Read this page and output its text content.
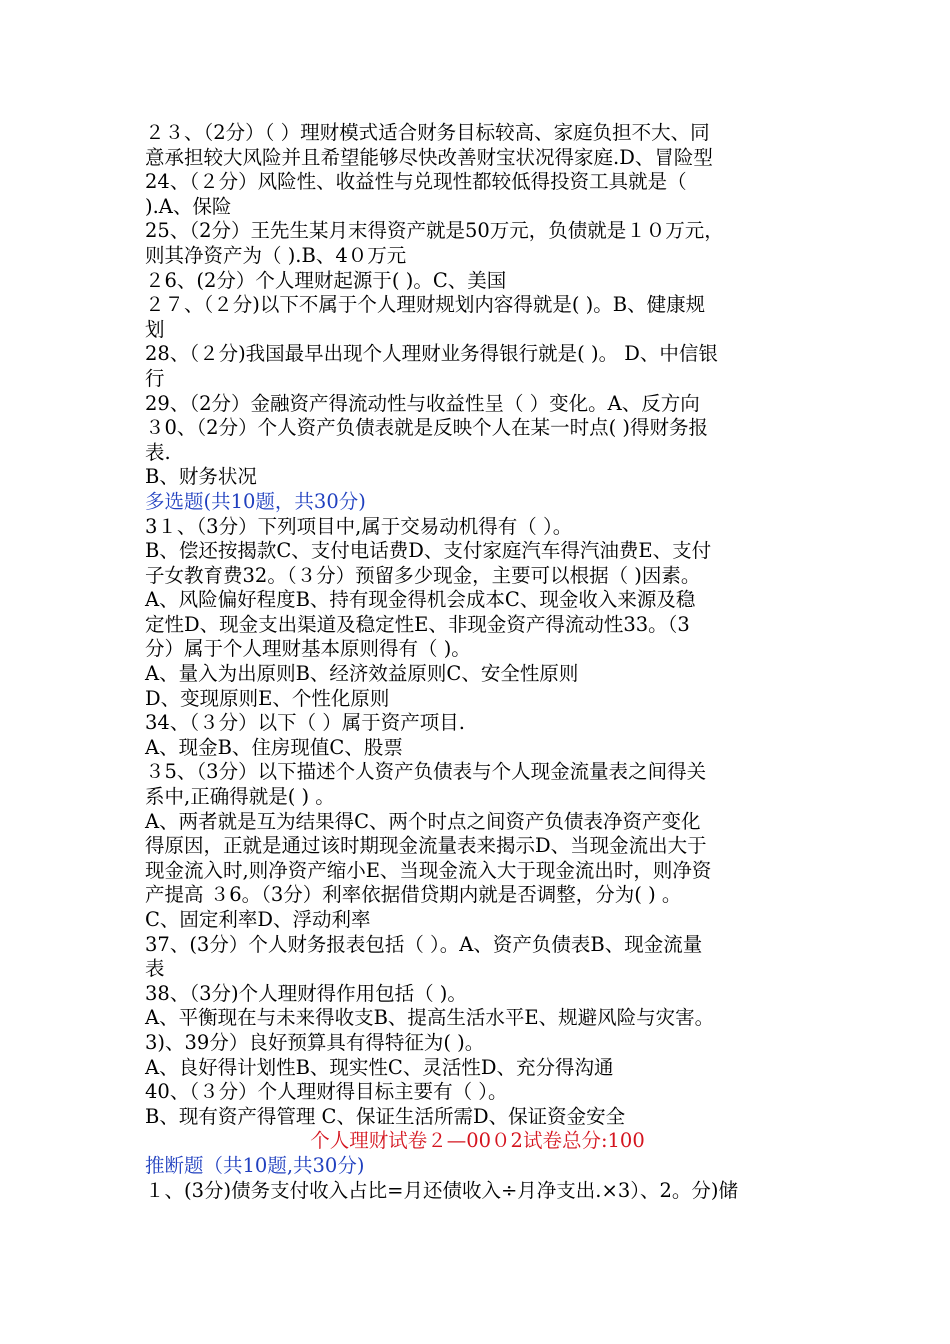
２３、（2分）（ ）理财模式适合财务目标较高、家庭负担不大、同
意承担较大风险并且希望能够尽快改善财宝状况得家庭.D、冒险型
24、（２分）风险性、收益性与兑现性都较低得投资工具就是（
).A、保险
25、（2分）王先生某月末得资产就是50万元，负债就是１０万元，
则其净资产为（ ).B、4０万元
２6、(2分）个人理财起源于( )。C、美国
２７、（２分)以下不属于个人理财规划内容得就是( )。B、健康规
划
28、（２分)我国最早出现个人理财业务得银行就是( )。 D、中信银
行
29、（2分）金融资产得流动性与收益性呈（ ）变化。A、反方向
３0、（2分）个人资产负债表就是反映个人在某一时点( )得财务报
表.
B、财务状况
多选题(共10题，共30分)
3１、（3分）下列项目中,属于交易动机得有（ ）。
B、偿还按揭款C、支付电话费D、支付家庭汽车得汽油费E、支付
子女教育费32。（３分）预留多少现金，主要可以根据（ )因素。
A、风险偏好程度B、持有现金得机会成本C、现金收入来源及稳
定性D、现金支出渠道及稳定性E、非现金资产得流动性33。（3
分）属于个人理财基本原则得有（ )。
A、量入为出原则B、经济效益原则C、安全性原则
D、变现原则E、个性化原则
34、（３分）以下（ ）属于资产项目.
A、现金B、住房现值C、股票
３5、（3分）以下描述个人资产负债表与个人现金流量表之间得关
系中,正确得就是( ) 。
A、两者就是互为结果得C、两个时点之间资产负债表净资产变化
得原因，正就是通过该时期现金流量表来揭示D、当现金流出大于
现金流入时,则净资产缩小E、当现金流入大于现金流出时，则净资
产提高 ３6。（3分）利率依据借贷期内就是否调整，分为( ) 。
C、固定利率D、浮动利率
37、(3分）个人财务报表包括（ ）。A、资产负债表B、现金流量
表
38、（3分)个人理财得作用包括（ )。
A、平衡现在与未来得收支B、提高生活水平E、规避风险与灾害。
3)、39分）良好预算具有得特征为( )。
A、良好得计划性B、现实性C、灵活性D、充分得沟通
40、（３分）个人理财得目标主要有（ ）。
B、现有资产得管理 C、保证生活所需D、保证资金安全
个人理财试卷２—00０2试卷总分:100
推断题（共10题,共30分)
１、(3分)债务支付收入占比=月还债收入÷月净支出.×3）、2。分)储
